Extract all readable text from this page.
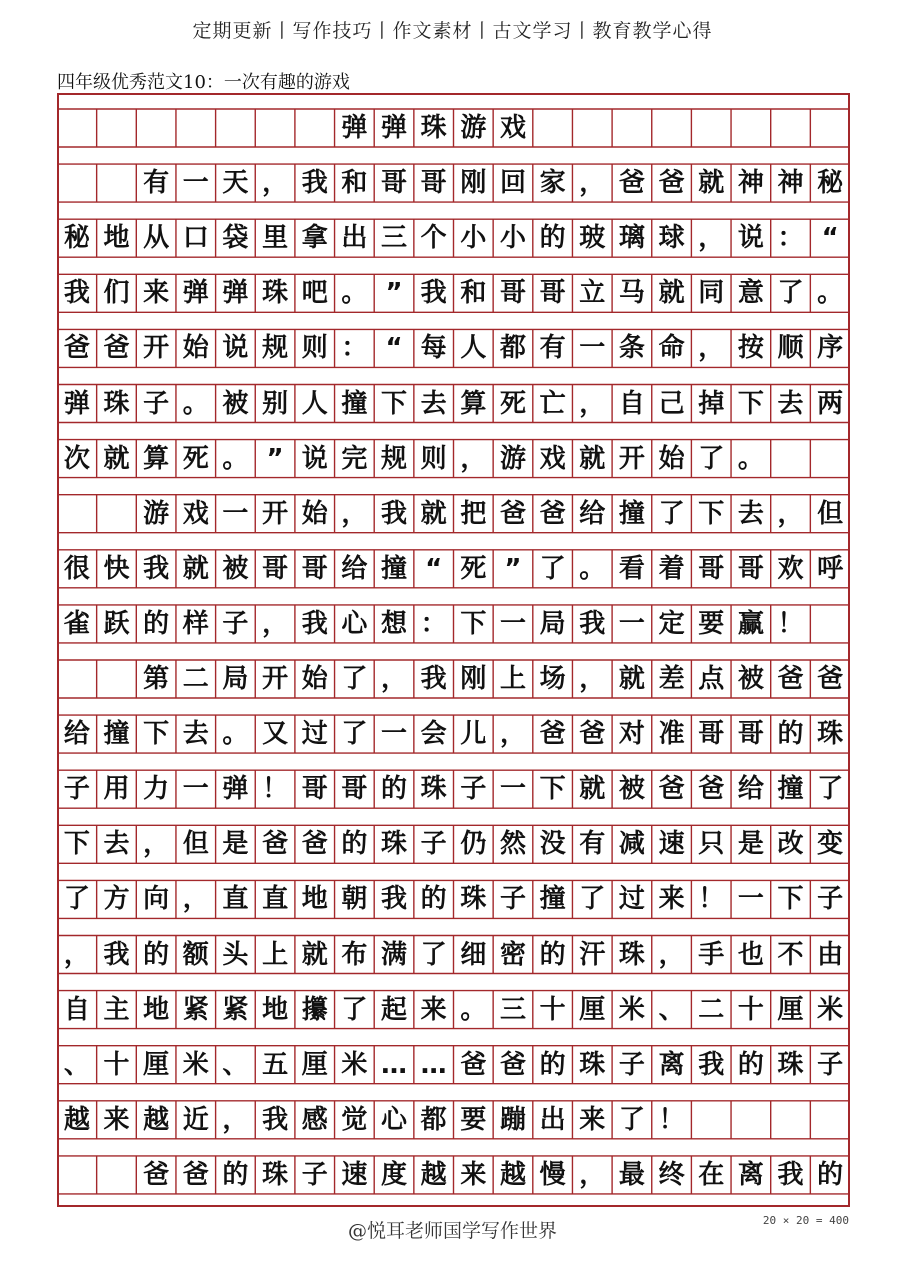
定期更新丨写作技巧丨作文素材丨古文学习丨教育教学心得
四年级优秀范文10：一次有趣的游戏
弹 弹 珠 游 戏
有 一 天 ， 我 和 哥 哥 刚 回 家 ， 爸 爸 就 神 神 秘
秘 地 从 口 袋 里 拿 出 三 个 小 小 的 玻 璃 球 ， 说 ： “
我 们 来 弹 弹 珠 吧 。 ” 我 和 哥 哥 立 马 就 同 意 了 。
爸 爸 开 始 说 规 则 ： “ 每 人 都 有 一 条 命 ， 按 顺 序
弹 珠 子 。 被 别 人 撞 下 去 算 死 亡 ， 自 己 掉 下 去 两
次 就 算 死 。 ” 说 完 规 则 ， 游 戏 就 开 始 了 。
游 戏 一 开 始 ， 我 就 把 爸 爸 给 撞 了 下 去 ， 但
很 快 我 就 被 哥 哥 给 撞 “ 死 ” 了 。 看 着 哥 哥 欢 呼
雀 跃 的 样 子 ， 我 心 想 ： 下 一 局 我 一 定 要 赢 ！
第 二 局 开 始 了 ， 我 刚 上 场 ， 就 差 点 被 爸 爸
给 撞 下 去 。 又 过 了 一 会 儿 ， 爸 爸 对 准 哥 哥 的 珠
子 用 力 一 弹 ！ 哥 哥 的 珠 子 一 下 就 被 爸 爸 给 撞 了
下 去 ， 但 是 爸 爸 的 珠 子 仍 然 没 有 减 速 只 是 改 变
了 方 向 ， 直 直 地 朝 我 的 珠 子 撞 了 过 来 ！ 一 下 子
， 我 的 额 头 上 就 布 满 了 细 密 的 汗 珠 ， 手 也 不 由
自 主 地 紧 紧 地 攥 了 起 来 。 三 十 厘 米 、 二 十 厘 米
、 十 厘 米 、 五 厘 米 … … 爸 爸 的 珠 子 离 我 的 珠 子
越 来 越 近 ， 我 感 觉 心 都 要 蹦 出 来 了 ！
爸 爸 的 珠 子 速 度 越 来 越 慢 ， 最 终 在 离 我 的
@悦耳老师国学写作世界	20 × 20 = 400
